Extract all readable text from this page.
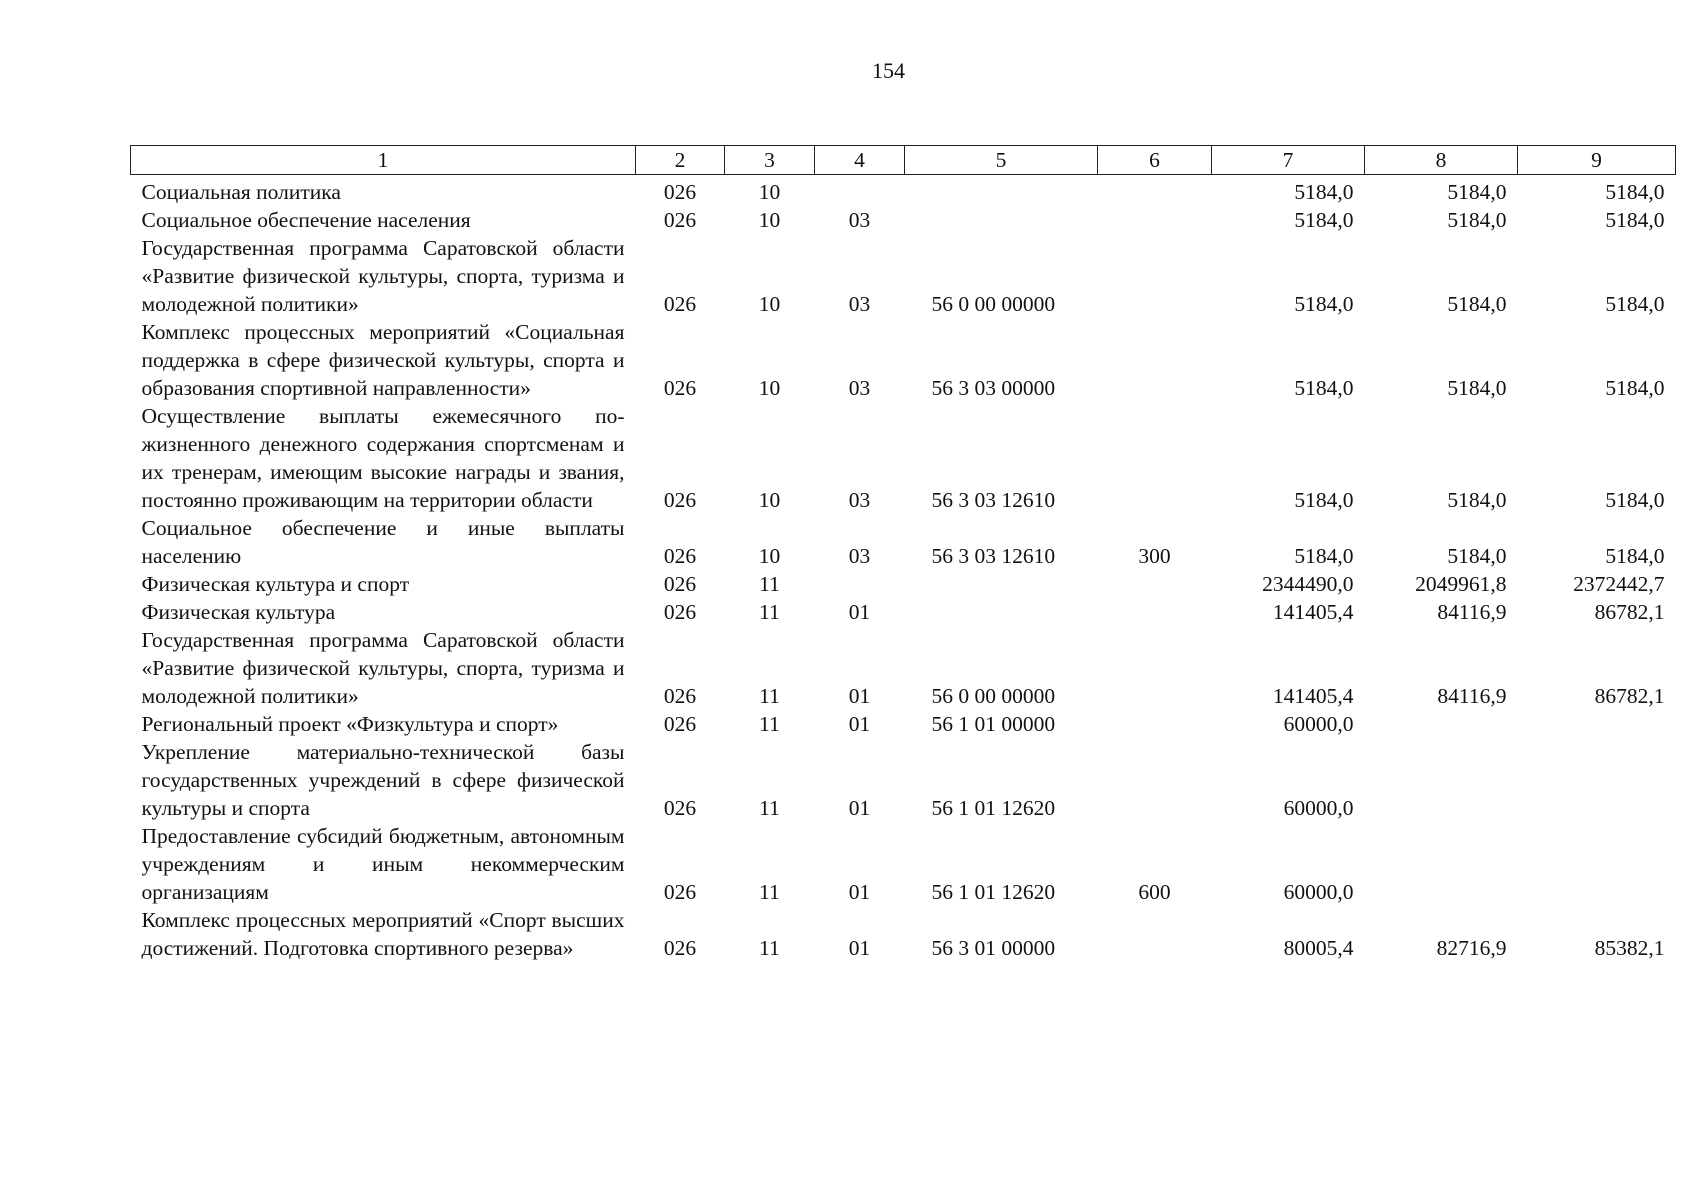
154
1	2	3	4	5	6	7	8	9
Социальная политика	026	10				5184,0	5184,0	5184,0
Социальное обеспечение населения	026	10	03			5184,0	5184,0	5184,0
Государственная программа Саратовской области «Развитие физической культуры, спорта, туризма и молодежной политики»	026	10	03	56 0 00 00000		5184,0	5184,0	5184,0
Комплекс процессных мероприятий «Социальная поддержка в сфере физической культуры, спорта и образования спортивной направленности»	026	10	03	56 3 03 00000		5184,0	5184,0	5184,0
Осуществление выплаты ежемесячного пожизненного денежного содержания спортсменам и их тренерам, имеющим высокие награды и звания, постоянно проживающим на территории области	026	10	03	56 3 03 12610		5184,0	5184,0	5184,0
Социальное обеспечение и иные выплаты населению	026	10	03	56 3 03 12610	300	5184,0	5184,0	5184,0
Физическая культура и спорт	026	11				2344490,0	2049961,8	2372442,7
Физическая культура	026	11	01			141405,4	84116,9	86782,1
Государственная программа Саратовской области «Развитие физической культуры, спорта, туризма и молодежной политики»	026	11	01	56 0 00 00000		141405,4	84116,9	86782,1
Региональный проект «Физкультура и спорт»	026	11	01	56 1 01 00000		60000,0		
Укрепление материально-технической базы государственных учреждений в сфере физической культуры и спорта	026	11	01	56 1 01 12620		60000,0		
Предоставление субсидий бюджетным, автономным учреждениям и иным некоммерческим организациям	026	11	01	56 1 01 12620	600	60000,0		
Комплекс процессных мероприятий «Спорт высших достижений. Подготовка спортивного резерва»	026	11	01	56 3 01 00000		80005,4	82716,9	85382,1
